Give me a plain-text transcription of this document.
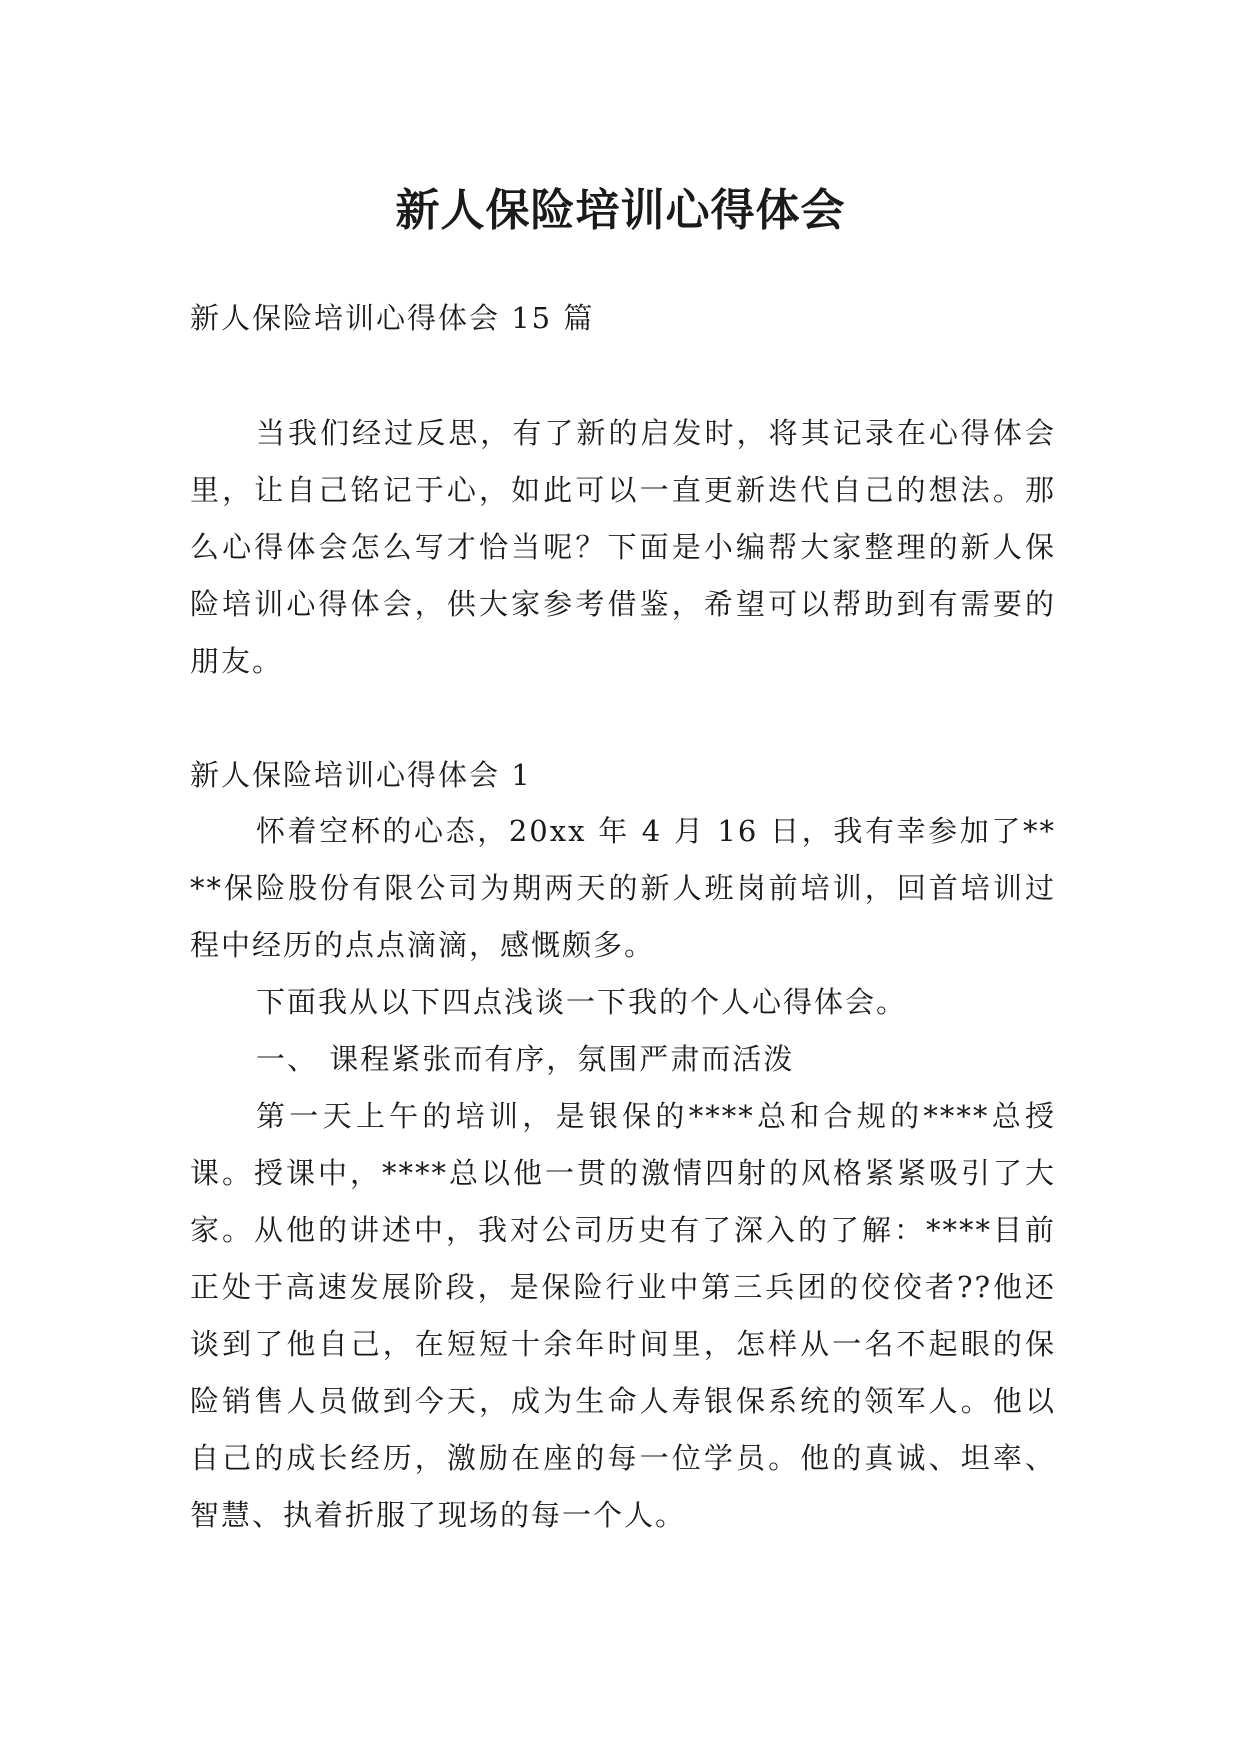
新人保险培训心得体会

新人保险培训心得体会 15 篇

当我们经过反思，有了新的启发时，将其记录在心得体会里，让自己铭记于心，如此可以一直更新迭代自己的想法。那么心得体会怎么写才恰当呢？下面是小编帮大家整理的新人保险培训心得体会，供大家参考借鉴，希望可以帮助到有需要的朋友。

新人保险培训心得体会 1

怀着空杯的心态，20xx 年 4 月 16 日，我有幸参加了****保险股份有限公司为期两天的新人班岗前培训，回首培训过程中经历的点点滴滴，感慨颇多。

下面我从以下四点浅谈一下我的个人心得体会。

一、 课程紧张而有序，氛围严肃而活泼

第一天上午的培训，是银保的****总和合规的****总授课。授课中，****总以他一贯的激情四射的风格紧紧吸引了大家。从他的讲述中，我对公司历史有了深入的了解：****目前正处于高速发展阶段，是保险行业中第三兵团的佼佼者??他还谈到了他自己，在短短十余年时间里，怎样从一名不起眼的保险销售人员做到今天，成为生命人寿银保系统的领军人。他以自己的成长经历，激励在座的每一位学员。他的真诚、坦率、智慧、执着折服了现场的每一个人。
